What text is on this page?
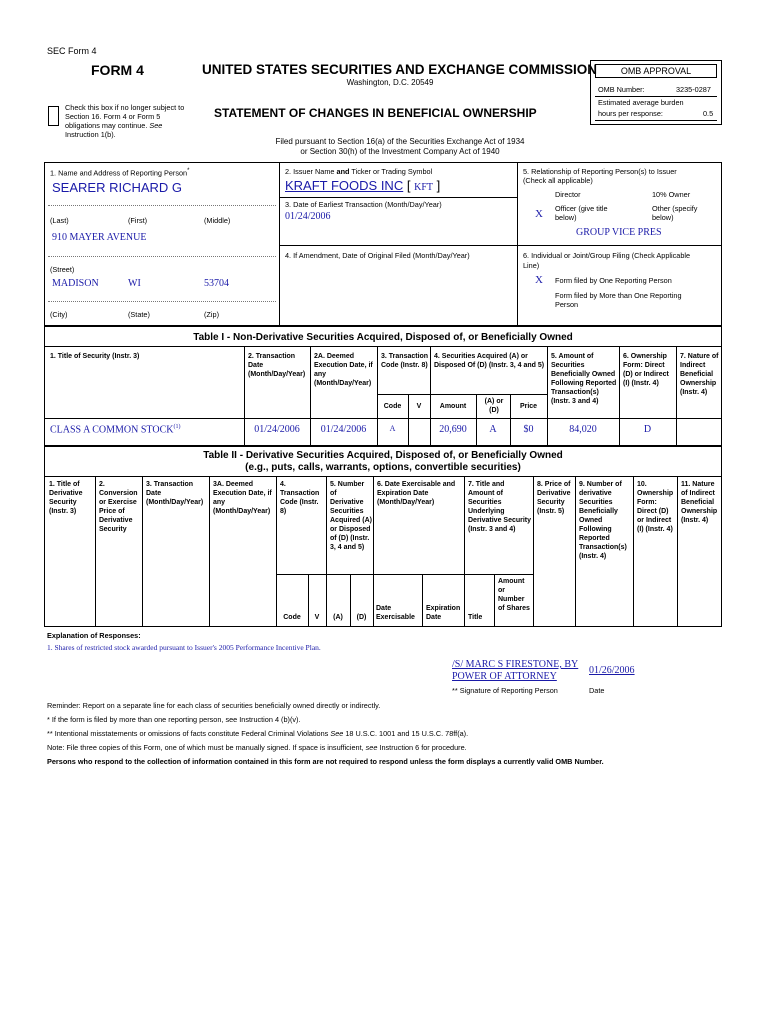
SEC Form 4
FORM 4	UNITED STATES SECURITIES AND EXCHANGE COMMISSION
Washington, D.C. 20549
Check this box if no longer subject to
Section 16. Form 4 or Form 5
obligations may continue. See
Instruction 1(b).
STATEMENT OF CHANGES IN BENEFICIAL OWNERSHIP
Filed pursuant to Section 16(a) of the Securities Exchange Act of 1934
or Section 30(h) of the Investment Company Act of 1940
OMB APPROVAL
OMB Number:	3235-0287
Estimated average burden
hours per response:	0.5
1. Name and Address of Reporting Person*
SEARER RICHARD G
(Last)	(First)	(Middle)
910 MAYER AVENUE
(Street)
MADISON	WI	53704
(City)	(State)	(Zip)
2. Issuer Name and Ticker or Trading Symbol
KRAFT FOODS INC [ KFT ]
3. Date of Earliest Transaction (Month/Day/Year)
01/24/2006
4. If Amendment, Date of Original Filed (Month/Day/Year)
5. Relationship of Reporting Person(s) to Issuer
(Check all applicable)
Director	10% Owner
X Officer (give title below)
Other (specify below)
GROUP VICE PRES
6. Individual or Joint/Group Filing (Check Applicable
Line)
X Form filed by One Reporting Person
Form filed by More than One Reporting Person
Table I - Non-Derivative Securities Acquired, Disposed of, or Beneficially Owned
1. Title of Security (Instr. 3)	2. Transaction Date (Month/Day/Year)
2A. Deemed Execution Date, if any (Month/Day/Year)
3. Transaction Code (Instr. 8)
4. Securities Acquired (A) or Disposed Of (D) (Instr. 3, 4 and 5)
5. Amount of Securities Beneficially Owned Following Reported Transaction(s) (Instr. 3 and 4)
6. Ownership Form: Direct (D) or Indirect (I) (Instr. 4)
7. Nature of Indirect Beneficial Ownership (Instr. 4)
Code	V	Amount
(A) or (D)
Price
CLASS A COMMON STOCK$^{(1)}$	01/24/2006	01/24/2006	A	20,690	A	$0	84,020	D
Table II - Derivative Securities Acquired, Disposed of, or Beneficially Owned
(e.g., puts, calls, warrants, options, convertible securities)
1. Title of Derivative Security (Instr. 3)
2. Conversion or Exercise Price of Derivative Security
3. Transaction Date (Month/Day/Year)
3A. Deemed Execution Date, if any (Month/Day/Year)
4. Transaction Code (Instr. 8)
5. Number of Derivative Securities Acquired (A) or Disposed of (D) (Instr. 3, 4 and 5)
6. Date Exercisable and Expiration Date (Month/Day/Year)
7. Title and Amount of Securities Underlying Derivative Security (Instr. 3 and 4)
8. Price of Derivative Security (Instr. 5)
9. Number of derivative Securities Beneficially Owned Following Reported Transaction(s) (Instr. 4)
10. Ownership Form: Direct (D) or Indirect (I) (Instr. 4)
11. Nature of Indirect Beneficial Ownership (Instr. 4)
Code	V	(A)	(D)
Date Exercisable
Expiration Date	Title
Amount or Number of Shares
Explanation of Responses:
1. Shares of restricted stock awarded pursuant to Issuer's 2005 Performance Incentive Plan.
/S/ MARC S FIRESTONE, BY
POWER OF ATTORNEY
01/26/2006
** Signature of Reporting Person	Date
Reminder: Report on a separate line for each class of securities beneficially owned directly or indirectly.
* If the form is filed by more than one reporting person, see Instruction 4 (b)(v).
** Intentional misstatements or omissions of facts constitute Federal Criminal Violations See 18 U.S.C. 1001 and 15 U.S.C. 78ff(a).
Note: File three copies of this Form, one of which must be manually signed. If space is insufficient, see Instruction 6 for procedure.
Persons who respond to the collection of information contained in this form are not required to respond unless the form displays a currently valid OMB Number.
